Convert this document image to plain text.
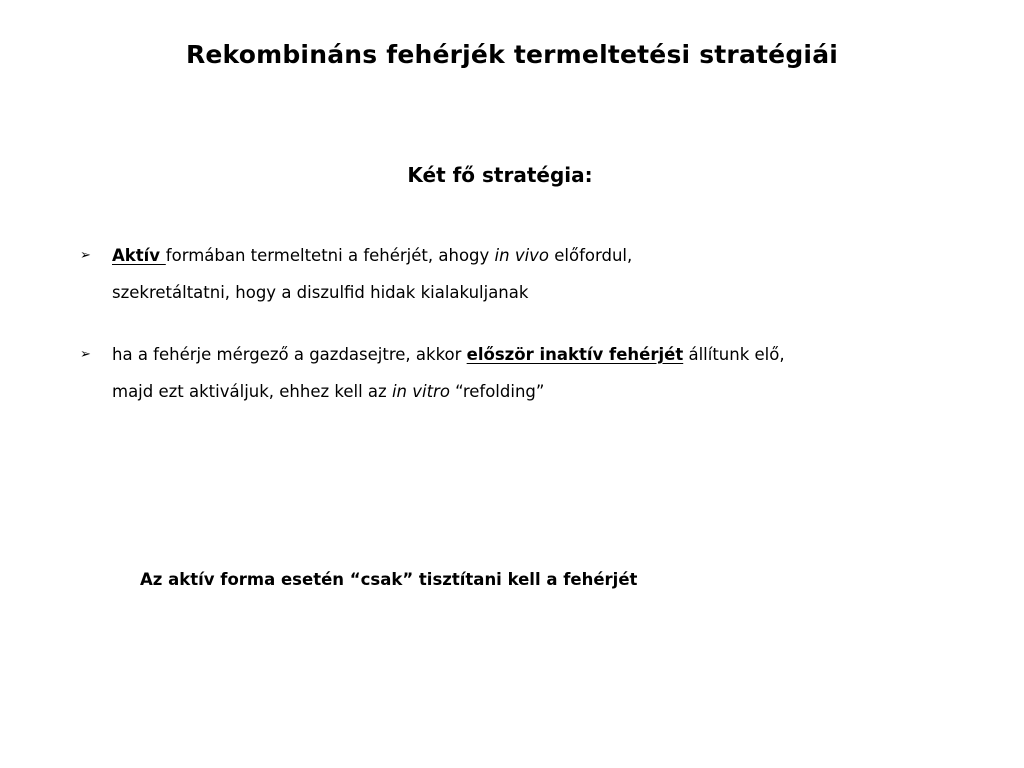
Rekombináns fehérjék termeltetési stratégiái
Két fő stratégia:
➢ Aktív formában termeltetni a fehérjét, ahogy in vivo előfordul,
szekretáltatni, hogy a diszulfid hidak kialakuljanak
➢ ha a fehérje mérgező a gazdasejtre, akkor először inaktív fehérjét állítunk elő,
majd ezt aktiváljuk, ehhez kell az in vitro “refolding”
Az aktív forma esetén “csak” tisztítani kell a fehérjét
